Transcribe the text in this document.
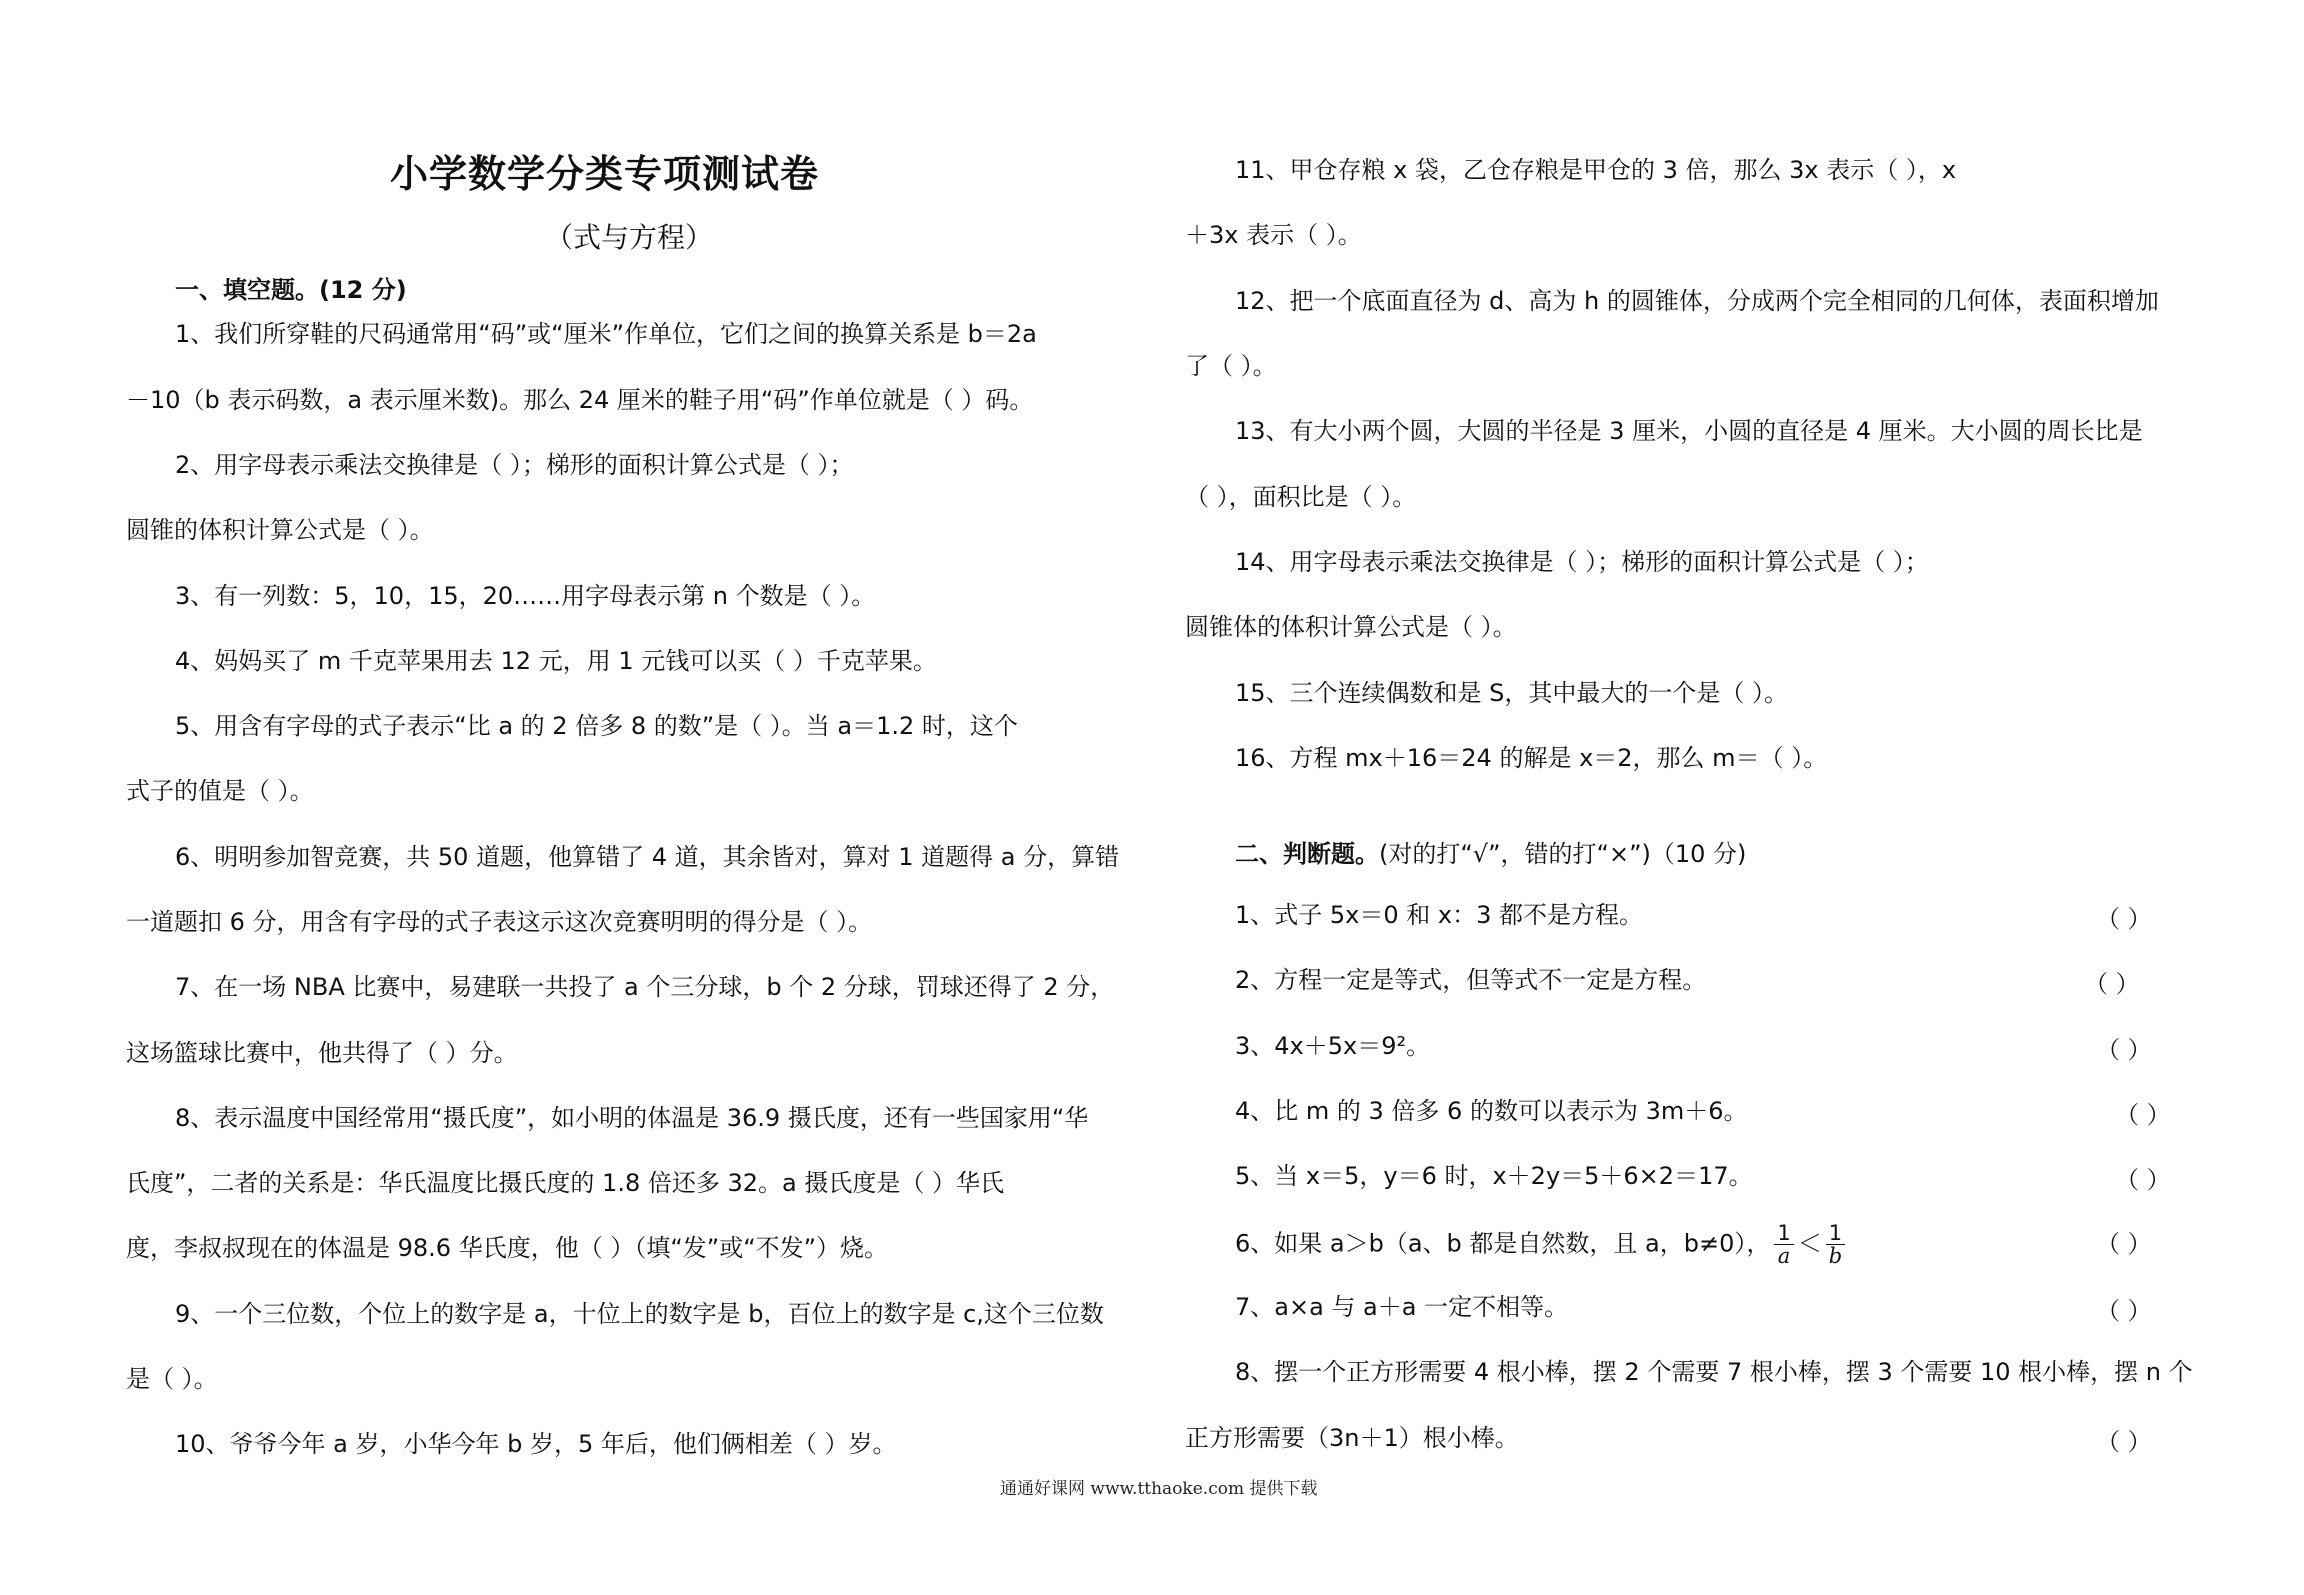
小学数学分类专项测试卷
（式与方程）
一、填空题。(12 分)
1、我们所穿鞋的尺码通常用“码”或“厘米”作单位，它们之间的换算关系是 b＝2a
－10（b 表示码数，a 表示厘米数)。那么 24 厘米的鞋子用“码”作单位就是（ ）码。
2、用字母表示乘法交换律是（ ）；梯形的面积计算公式是（ ）；
圆锥的体积计算公式是（ ）。
3、有一列数：5，10，15，20……用字母表示第 n 个数是（ ）。
4、妈妈买了 m 千克苹果用去 12 元，用 1 元钱可以买（ ）千克苹果。
5、用含有字母的式子表示“比 a 的 2 倍多 8 的数”是（ ）。当 a＝1.2 时，这个
式子的值是（ ）。
6、明明参加智竞赛，共 50 道题，他算错了 4 道，其余皆对，算对 1 道题得 a 分，算错
一道题扣 6 分，用含有字母的式子表这示这次竞赛明明的得分是（ ）。
7、在一场 NBA 比赛中，易建联一共投了 a 个三分球，b 个 2 分球，罚球还得了 2 分，
这场篮球比赛中，他共得了（ ）分。
8、表示温度中国经常用“摄氏度”，如小明的体温是 36.9 摄氏度，还有一些国家用“华
氏度”，二者的关系是：华氏温度比摄氏度的 1.8 倍还多 32。a 摄氏度是（ ）华氏
度，李叔叔现在的体温是 98.6 华氏度，他（ ）（填“发”或“不发”）烧。
9、一个三位数，个位上的数字是 a，十位上的数字是 b，百位上的数字是 c,这个三位数
是（ ）。
10、爷爷今年 a 岁，小华今年 b 岁，5 年后，他们俩相差（ ）岁。
11、甲仓存粮 x 袋，乙仓存粮是甲仓的 3 倍，那么 3x 表示（ ），x
＋3x 表示（ ）。
12、把一个底面直径为 d、高为 h 的圆锥体，分成两个完全相同的几何体，表面积增加
了（ ）。
13、有大小两个圆，大圆的半径是 3 厘米，小圆的直径是 4 厘米。大小圆的周长比是
（ ），面积比是（ ）。
14、用字母表示乘法交换律是（ ）；梯形的面积计算公式是（ ）；
圆锥体的体积计算公式是（ ）。
15、三个连续偶数和是 S，其中最大的一个是（ ）。
16、方程 mx＋16＝24 的解是 x＝2，那么 m＝（ ）。
二、判断题。(对的打“√”，错的打“×”)（10 分)
1、式子 5x＝0 和 x：3 都不是方程。	（ ）
2、方程一定是等式，但等式不一定是方程。	（ ）
3、4x＋5x＝9²。	（ ）
4、比 m 的 3 倍多 6 的数可以表示为 3m＋6。	（ ）
5、当 x＝5，y＝6 时，x＋2y＝5＋6×2＝17。	（ ）
6、如果 a＞b（a、b 都是自然数，且 a，b≠0）， $\frac{1}{a} < \frac{1}{b}$	（ ）
7、a×a 与 a＋a 一定不相等。	（ ）
8、摆一个正方形需要 4 根小棒，摆 2 个需要 7 根小棒，摆 3 个需要 10 根小棒，摆 n 个
正方形需要（3n＋1）根小棒。	（ ）
通通好课网 www.tthaoke.com 提供下载
